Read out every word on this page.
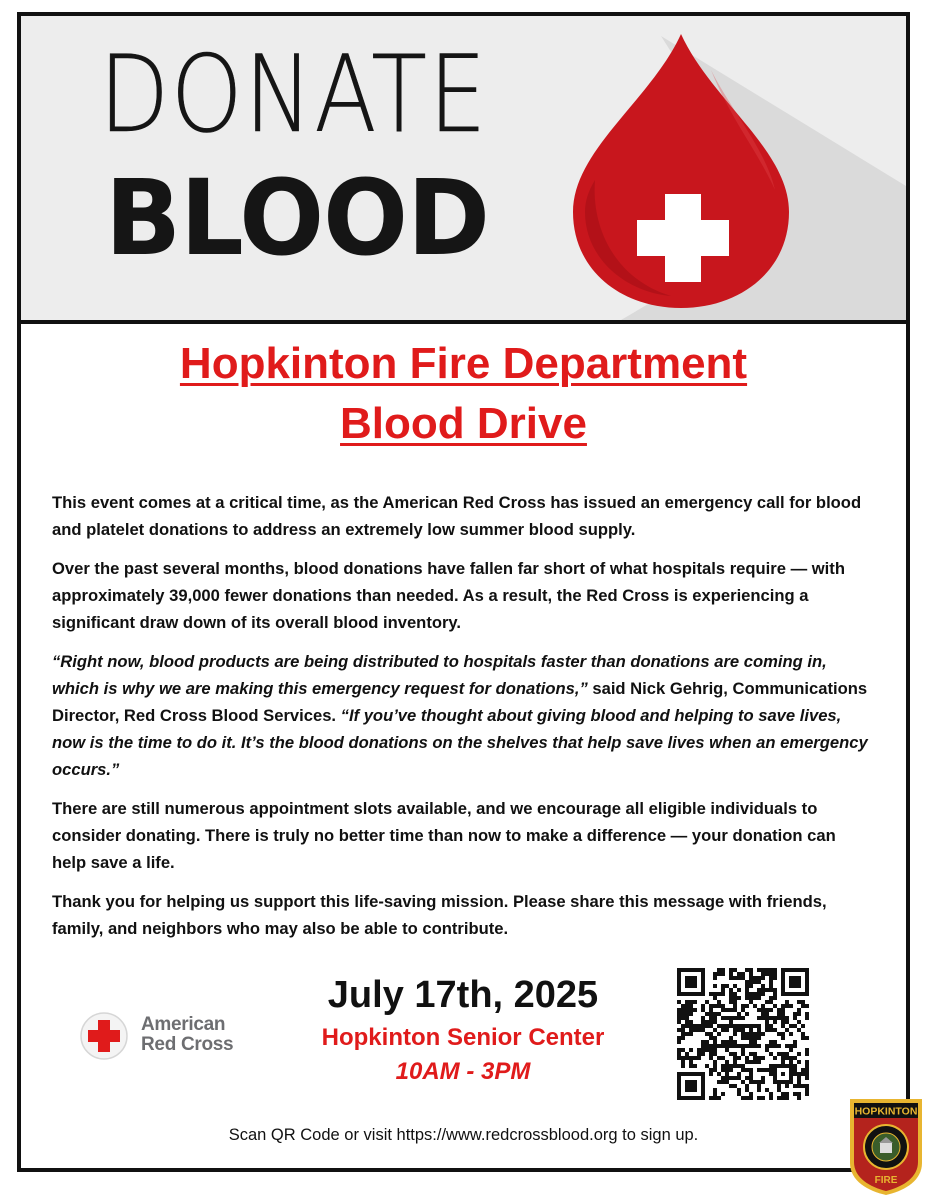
DONATE
BLOOD
Hopkinton Fire Department
Blood Drive

This event comes at a critical time, as the American Red Cross has issued an emergency call for blood and platelet donations to address an extremely low summer blood supply.

Over the past several months, blood donations have fallen far short of what hospitals require — with approximately 39,000 fewer donations than needed. As a result, the Red Cross is experiencing a significant draw down of its overall blood inventory.

“Right now, blood products are being distributed to hospitals faster than donations are coming in, which is why we are making this emergency request for donations,” said Nick Gehrig, Communications Director, Red Cross Blood Services. “If you’ve thought about giving blood and helping to save lives, now is the time to do it. It’s the blood donations on the shelves that help save lives when an emergency occurs.”

There are still numerous appointment slots available, and we encourage all eligible individuals to consider donating. There is truly no better time than now to make a difference — your donation can help save a life.

Thank you for helping us support this life-saving mission. Please share this message with friends, family, and neighbors who may also be able to contribute.

American
Red Cross
July 17th, 2025
Hopkinton Senior Center
10AM - 3PM
Scan QR Code or visit https://www.redcrossblood.org to sign up.
HOPKINTON
FIRE
